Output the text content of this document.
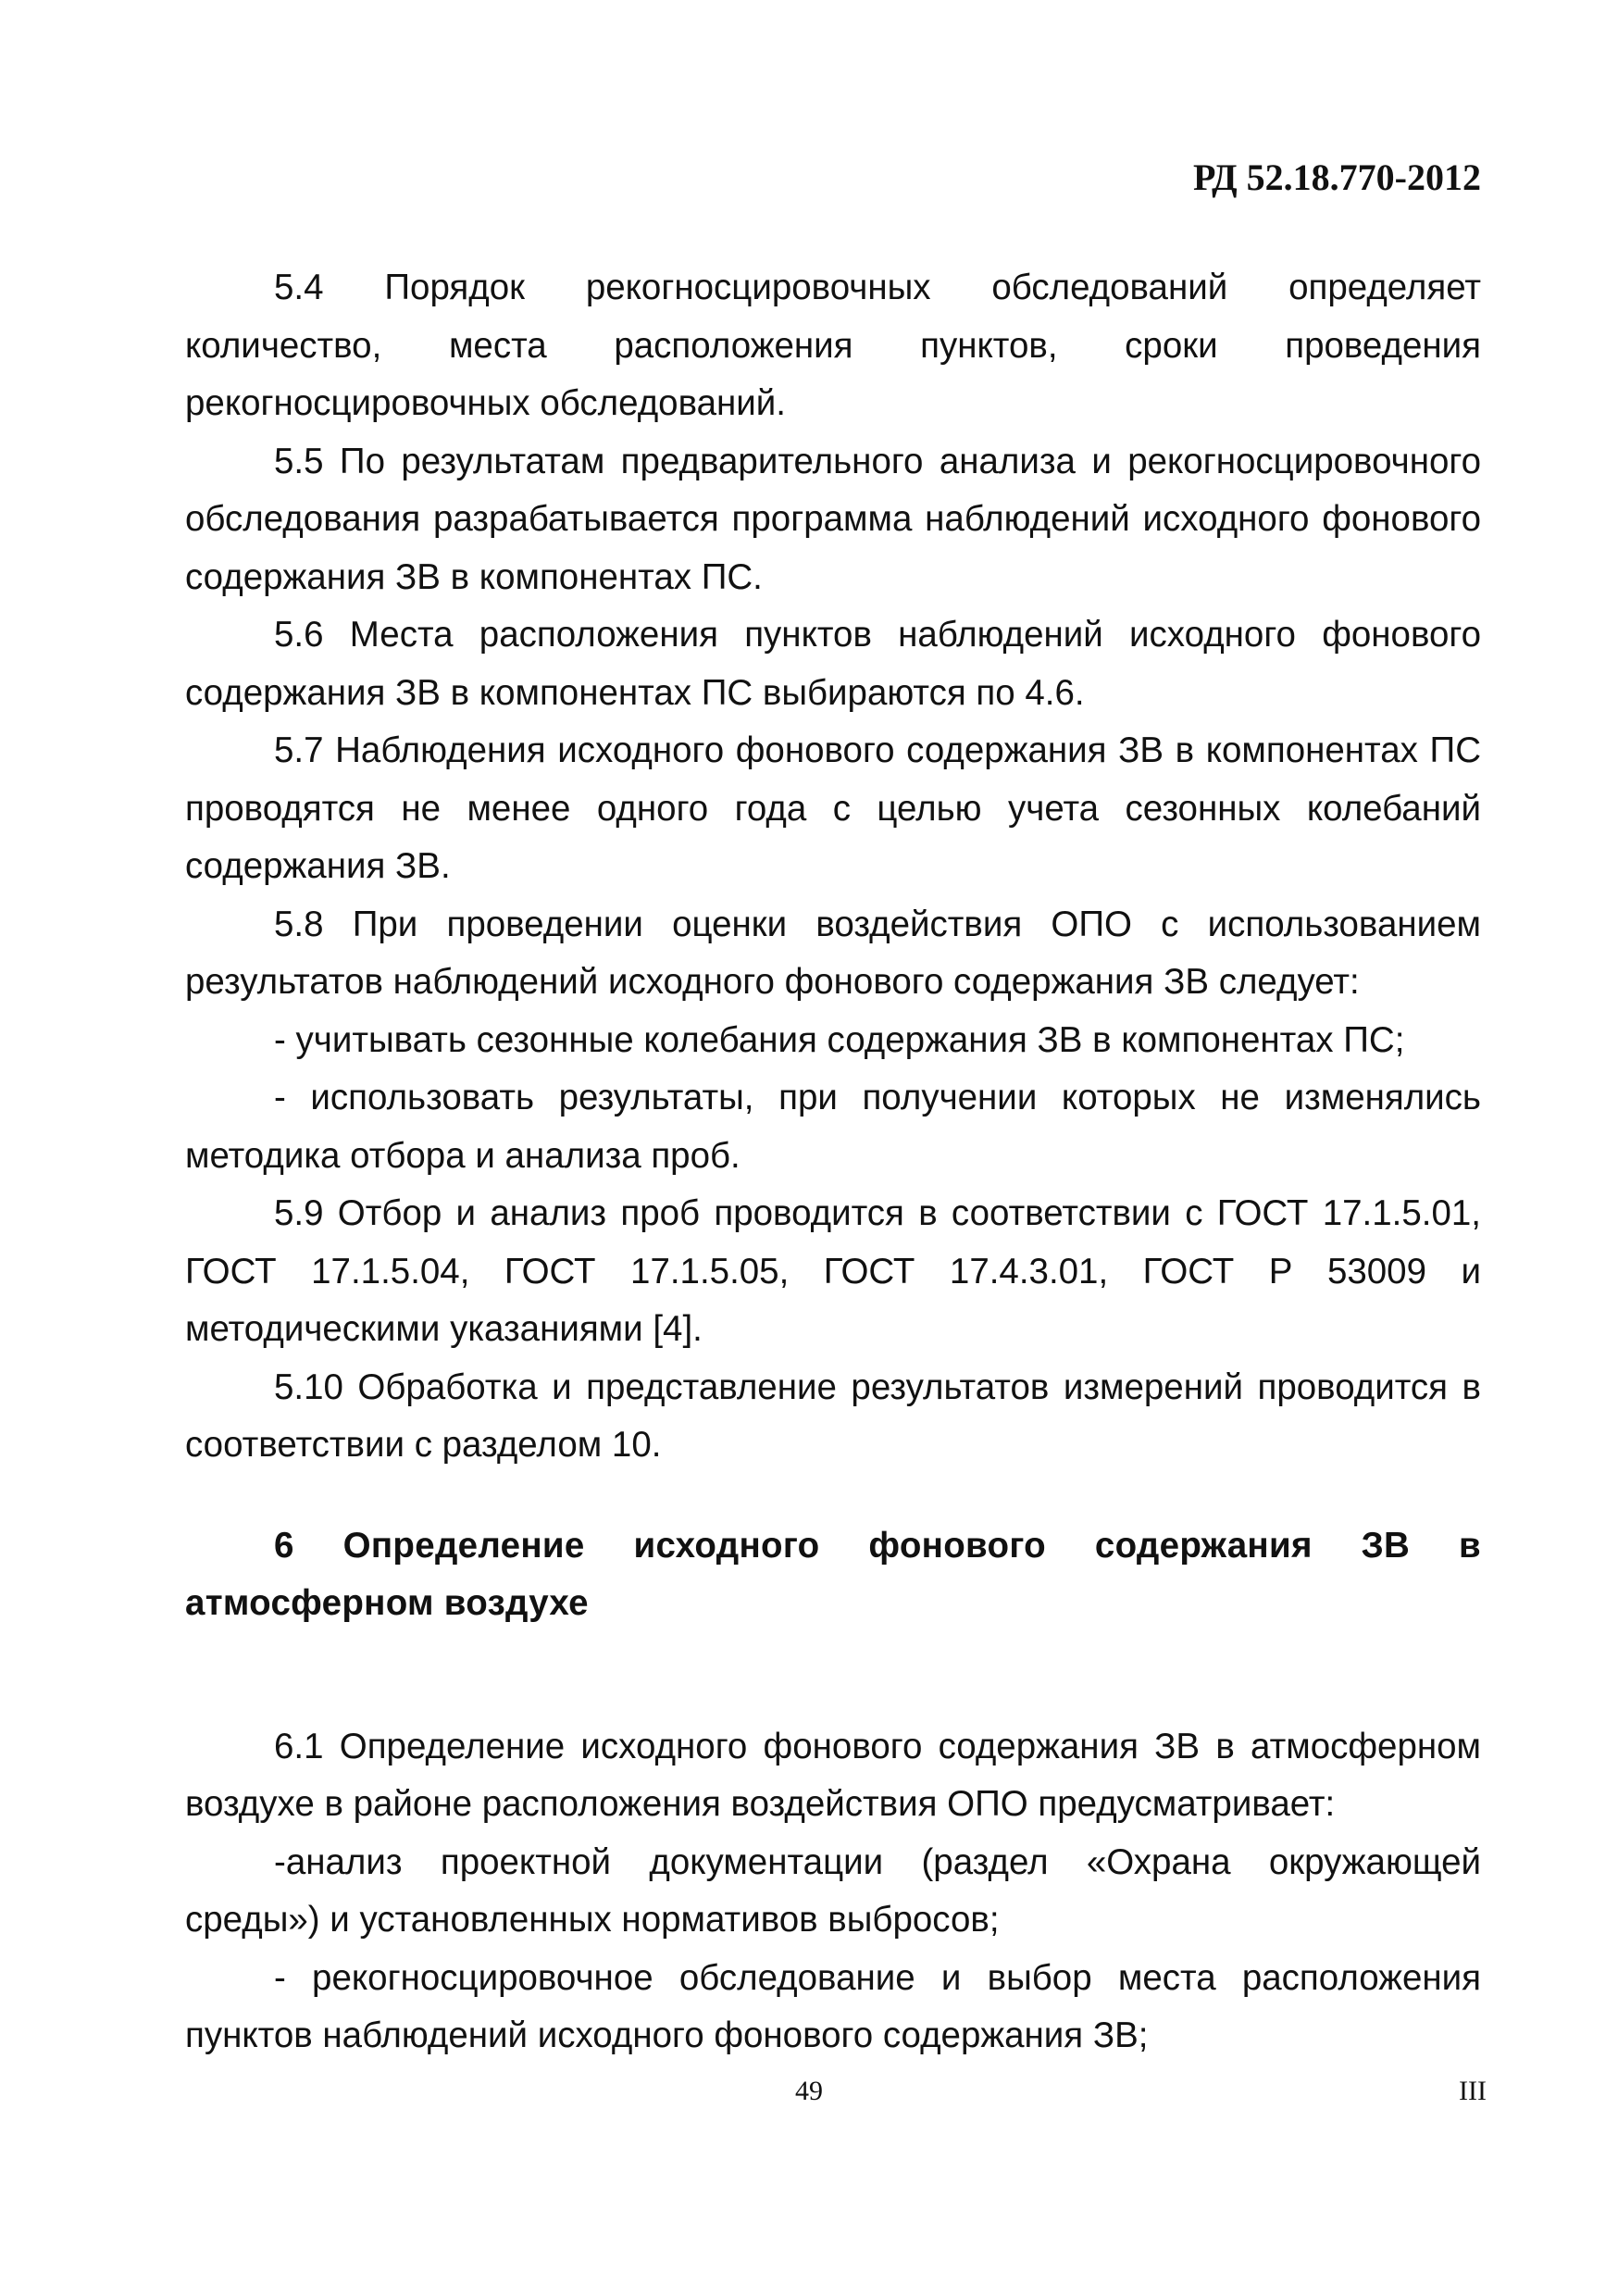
РД 52.18.770-2012

5.4 Порядок рекогносцировочных обследований определяет количество, места расположения пунктов, сроки проведения рекогносцировочных обследований.

5.5 По результатам предварительного анализа и рекогносцировочного обследования разрабатывается программа наблюдений исходного фонового содержания ЗВ в компонентах ПС.

5.6 Места расположения пунктов наблюдений исходного фонового содержания ЗВ в компонентах ПС выбираются по 4.6.

5.7 Наблюдения исходного фонового содержания ЗВ в компонентах ПС проводятся не менее одного года с целью учета сезонных колебаний содержания ЗВ.

5.8 При проведении оценки воздействия ОПО с использованием результатов наблюдений исходного фонового содержания ЗВ следует:

- учитывать сезонные колебания содержания ЗВ в компонентах ПС;

- использовать результаты, при получении которых не изменялись методика отбора и анализа проб.

5.9 Отбор и анализ проб проводится в соответствии с ГОСТ 17.1.5.01, ГОСТ 17.1.5.04, ГОСТ 17.1.5.05, ГОСТ 17.4.3.01, ГОСТ Р 53009 и методическими указаниями [4].

5.10 Обработка и представление результатов измерений проводится в соответствии с разделом 10.

6 Определение исходного фонового содержания ЗВ в атмосферном воздухе

6.1 Определение исходного фонового содержания ЗВ в атмосферном воздухе в районе расположения воздействия ОПО предусматривает:

-анализ проектной документации (раздел «Охрана окружающей среды») и установленных нормативов выбросов;

- рекогносцировочное обследование и выбор места расположения пунктов наблюдений исходного фонового содержания ЗВ;

49	III
